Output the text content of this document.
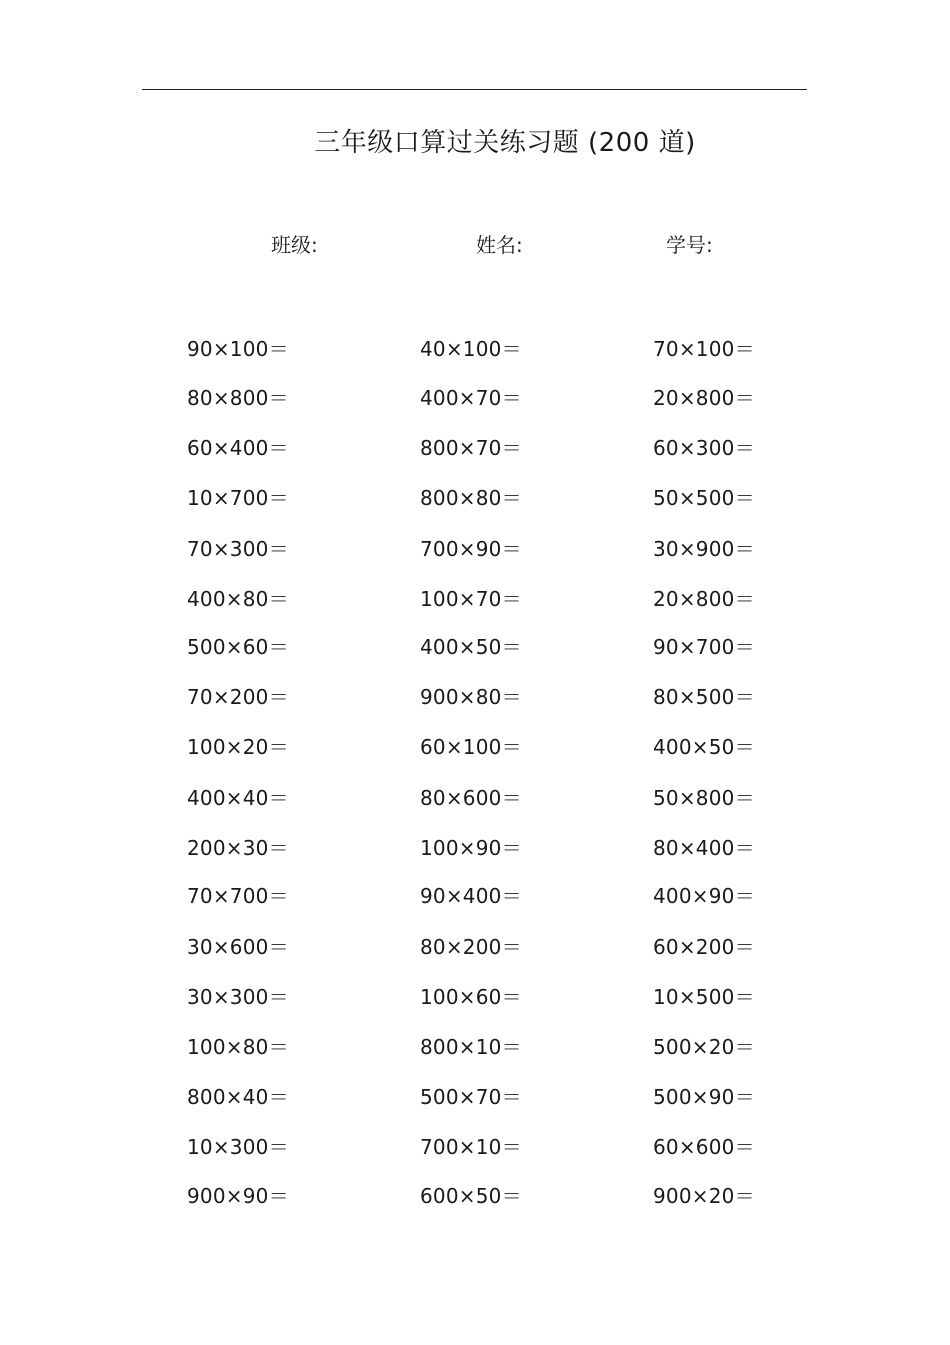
三年级口算过关练习题 (200 道)
班级:	姓名:	学号:
90×100＝	40×100＝	70×100＝
80×800＝	400×70＝	20×800＝
60×400＝	800×70＝	60×300＝
10×700＝	800×80＝	50×500＝
70×300＝	700×90＝	30×900＝
400×80＝	100×70＝	20×800＝
500×60＝	400×50＝	90×700＝
70×200＝	900×80＝	80×500＝
100×20＝	60×100＝	400×50＝
400×40＝	80×600＝	50×800＝
200×30＝	100×90＝	80×400＝
70×700＝	90×400＝	400×90＝
30×600＝	80×200＝	60×200＝
30×300＝	100×60＝	10×500＝
100×80＝	800×10＝	500×20＝
800×40＝	500×70＝	500×90＝
10×300＝	700×10＝	60×600＝
900×90＝	600×50＝	900×20＝
